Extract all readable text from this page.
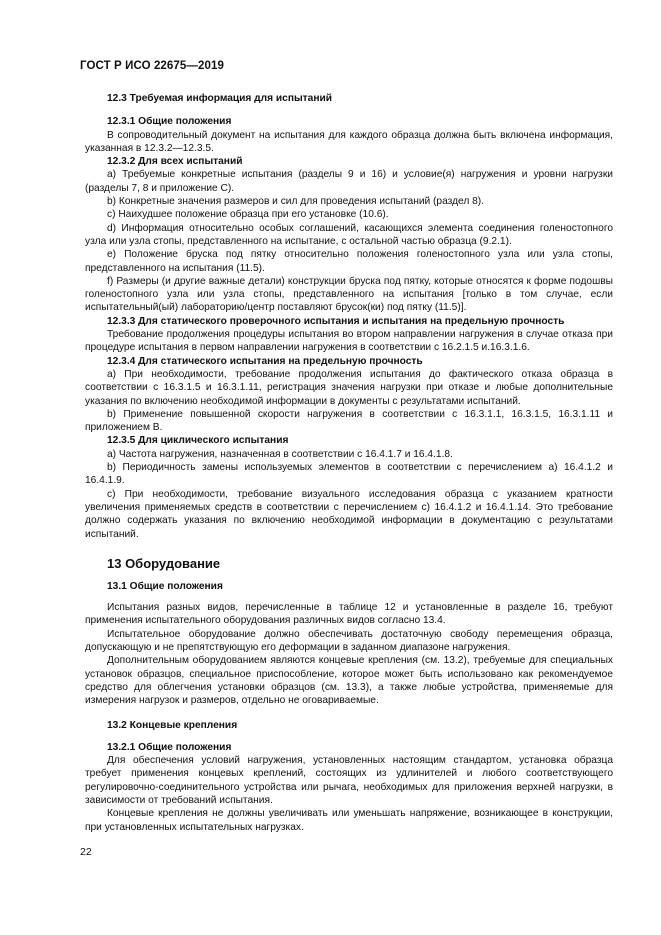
ГОСТ Р ИСО 22675—2019

12.3 Требуемая информация для испытаний

12.3.1 Общие положения

В сопроводительный документ на испытания для каждого образца должна быть включена информация, указанная в 12.3.2—12.3.5.

12.3.2 Для всех испытаний

a) Требуемые конкретные испытания (разделы 9 и 16) и условие(я) нагружения и уровни нагрузки (разделы 7, 8 и приложение С).

b) Конкретные значения размеров и сил для проведения испытаний (раздел 8).

c) Наихудшее положение образца при его установке (10.6).

d) Информация относительно особых соглашений, касающихся элемента соединения голеностопного узла или узла стопы, представленного на испытание, с остальной частью образца (9.2.1).

e) Положение бруска под пятку относительно положения голеностопного узла или узла стопы, представленного на испытания (11.5).

f) Размеры (и другие важные детали) конструкции бруска под пятку, которые относятся к форме подошвы голеностопного узла или узла стопы, представленного на испытания [только в том случае, если испытательный(ый) лабораторию/центр поставляют брусок(ки) под пятку (11.5)].

12.3.3 Для статического проверочного испытания и испытания на предельную прочность

Требование продолжения процедуры испытания во втором направлении нагружения в случае отказа при процедуре испытания в первом направлении нагружения в соответствии с 16.2.1.5 и.16.3.1.6.

12.3.4 Для статического испытания на предельную прочность

a) При необходимости, требование продолжения испытания до фактического отказа образца в соответствии с 16.3.1.5 и 16.3.1.11, регистрация значения нагрузки при отказе и любые дополнительные указания по включению необходимой информации в документы с результатами испытаний.

b) Применение повышенной скорости нагружения в соответствии с 16.3.1.1, 16.3.1.5, 16.3.1.11 и приложением В.

12.3.5 Для циклического испытания

a) Частота нагружения, назначенная в соответствии с 16.4.1.7 и 16.4.1.8.

b) Периодичность замены используемых элементов в соответствии с перечислением а) 16.4.1.2 и 16.4.1.9.

c) При необходимости, требование визуального исследования образца с указанием кратности увеличения применяемых средств в соответствии с перечислением с) 16.4.1.2 и 16.4.1.14. Это требование должно содержать указания по включению необходимой информации в документацию с результатами испытаний.

13 Оборудование

13.1 Общие положения

Испытания разных видов, перечисленные в таблице 12 и установленные в разделе 16, требуют применения испытательного оборудования различных видов согласно 13.4.

Испытательное оборудование должно обеспечивать достаточную свободу перемещения образца, допускающую и не препятствующую его деформации в заданном диапазоне нагружения.

Дополнительным оборудованием являются концевые крепления (см. 13.2), требуемые для специальных установок образцов, специальное приспособление, которое может быть использовано как рекомендуемое средство для облегчения установки образцов (см. 13.3), а также любые устройства, применяемые для измерения нагрузок и размеров, отдельно не оговариваемые.

13.2 Концевые крепления

13.2.1 Общие положения

Для обеспечения условий нагружения, установленных настоящим стандартом, установка образца требует применения концевых креплений, состоящих из удлинителей и любого соответствующего регулировочно-соединительного устройства или рычага, необходимых для приложения верхней нагрузки, в зависимости от требований испытания.

Концевые крепления не должны увеличивать или уменьшать напряжение, возникающее в конструкции, при установленных испытательных нагрузках.

22
